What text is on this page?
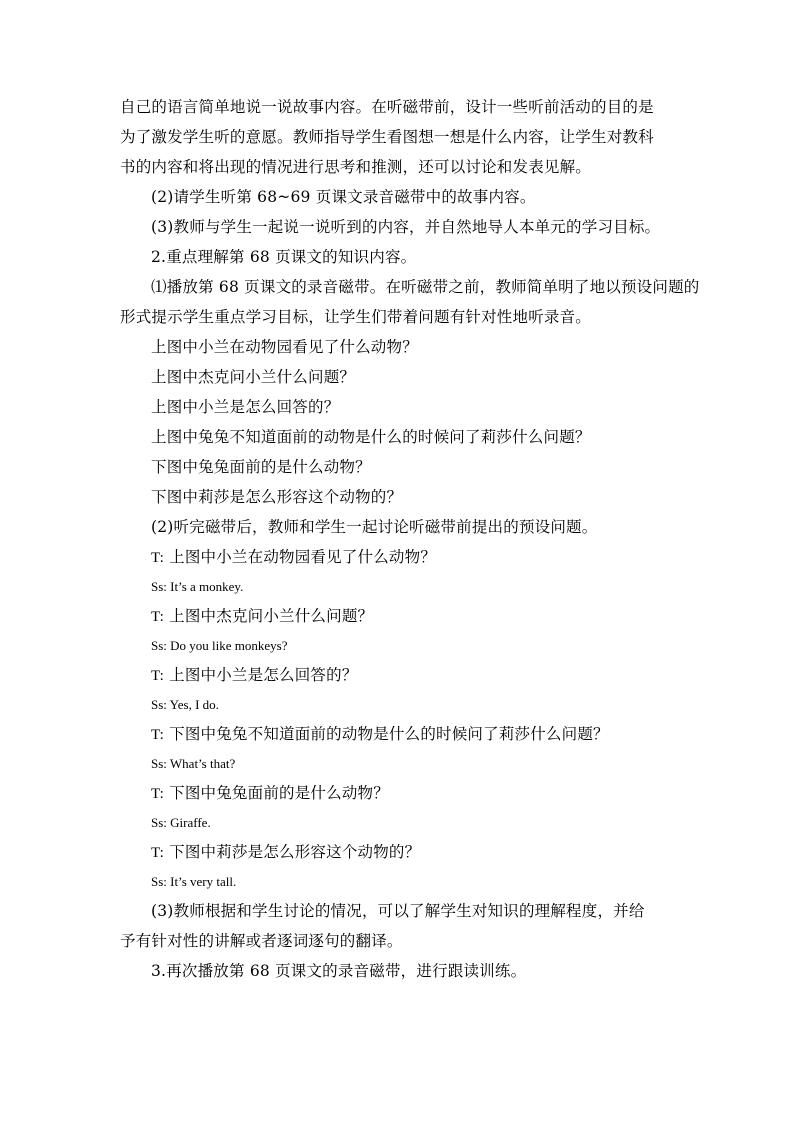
自己的语言简单地说一说故事内容。在听磁带前，设计一些听前活动的目的是
为了激发学生听的意愿。教师指导学生看图想一想是什么内容，让学生对教科
书的内容和将出现的情况进行思考和推测，还可以讨论和发表见解。
(2)请学生听第 68~69 页课文录音磁带中的故事内容。
(3)教师与学生一起说一说听到的内容，并自然地导人本单元的学习目标。
2.重点理解第 68 页课文的知识内容。
⑴播放第 68 页课文的录音磁带。在听磁带之前，教师简单明了地以预设问题的
形式提示学生重点学习目标，让学生们带着问题有针对性地听录音。
上图中小兰在动物园看见了什么动物？
上图中杰克问小兰什么问题？
上图中小兰是怎么回答的？
上图中兔兔不知道面前的动物是什么的时候问了莉莎什么问题？
下图中兔兔面前的是什么动物？
下图中莉莎是怎么形容这个动物的？
(2)听完磁带后，教师和学生一起讨论听磁带前提出的预设问题。
T: 上图中小兰在动物园看见了什么动物？
Ss: It’s a monkey.
T: 上图中杰克问小兰什么问题？
Ss: Do you like monkeys?
T: 上图中小兰是怎么回答的？
Ss: Yes, I do.
T: 下图中兔兔不知道面前的动物是什么的时候问了莉莎什么问题？
Ss: What’s that?
T: 下图中兔兔面前的是什么动物？
Ss: Giraffe.
T: 下图中莉莎是怎么形容这个动物的？
Ss: It’s very tall.
(3)教师根据和学生讨论的情况，可以了解学生对知识的理解程度，并给
予有针对性的讲解或者逐词逐句的翻译。
3.再次播放第 68 页课文的录音磁带，进行跟读训练。
